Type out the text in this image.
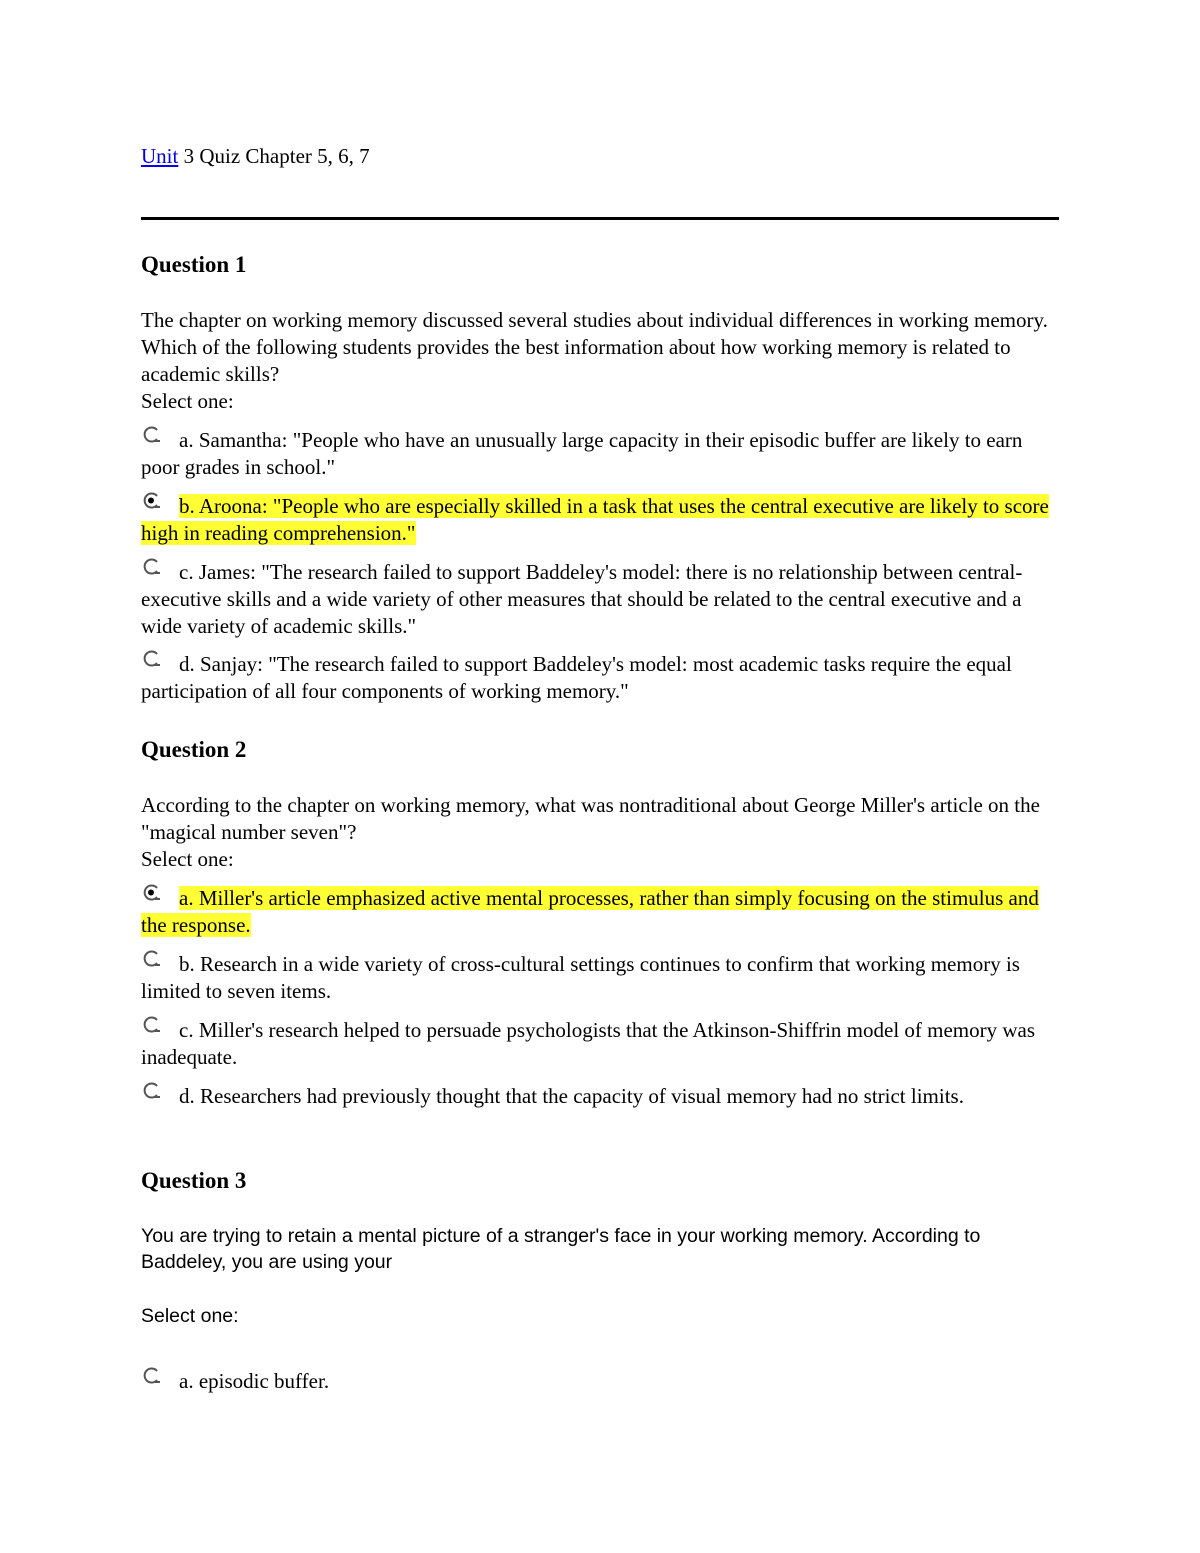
Unit 3 Quiz Chapter 5, 6, 7

Question 1

The chapter on working memory discussed several studies about individual differences in working memory. Which of the following students provides the best information about how working memory is related to academic skills?

Select one:

a. Samantha: "People who have an unusually large capacity in their episodic buffer are likely to earn poor grades in school."
b. Aroona: "People who are especially skilled in a task that uses the central executive are likely to score high in reading comprehension."
c. James: "The research failed to support Baddeley's model: there is no relationship between central-executive skills and a wide variety of other measures that should be related to the central executive and a wide variety of academic skills."
d. Sanjay: "The research failed to support Baddeley's model: most academic tasks require the equal participation of all four components of working memory."

Question 2

According to the chapter on working memory, what was nontraditional about George Miller's article on the "magical number seven"?

Select one:

a. Miller's article emphasized active mental processes, rather than simply focusing on the stimulus and the response.
b. Research in a wide variety of cross-cultural settings continues to confirm that working memory is limited to seven items.
c. Miller's research helped to persuade psychologists that the Atkinson-Shiffrin model of memory was inadequate.
d. Researchers had previously thought that the capacity of visual memory had no strict limits.

Question 3

You are trying to retain a mental picture of a stranger's face in your working memory. According to Baddeley, you are using your

Select one:

a. episodic buffer.
